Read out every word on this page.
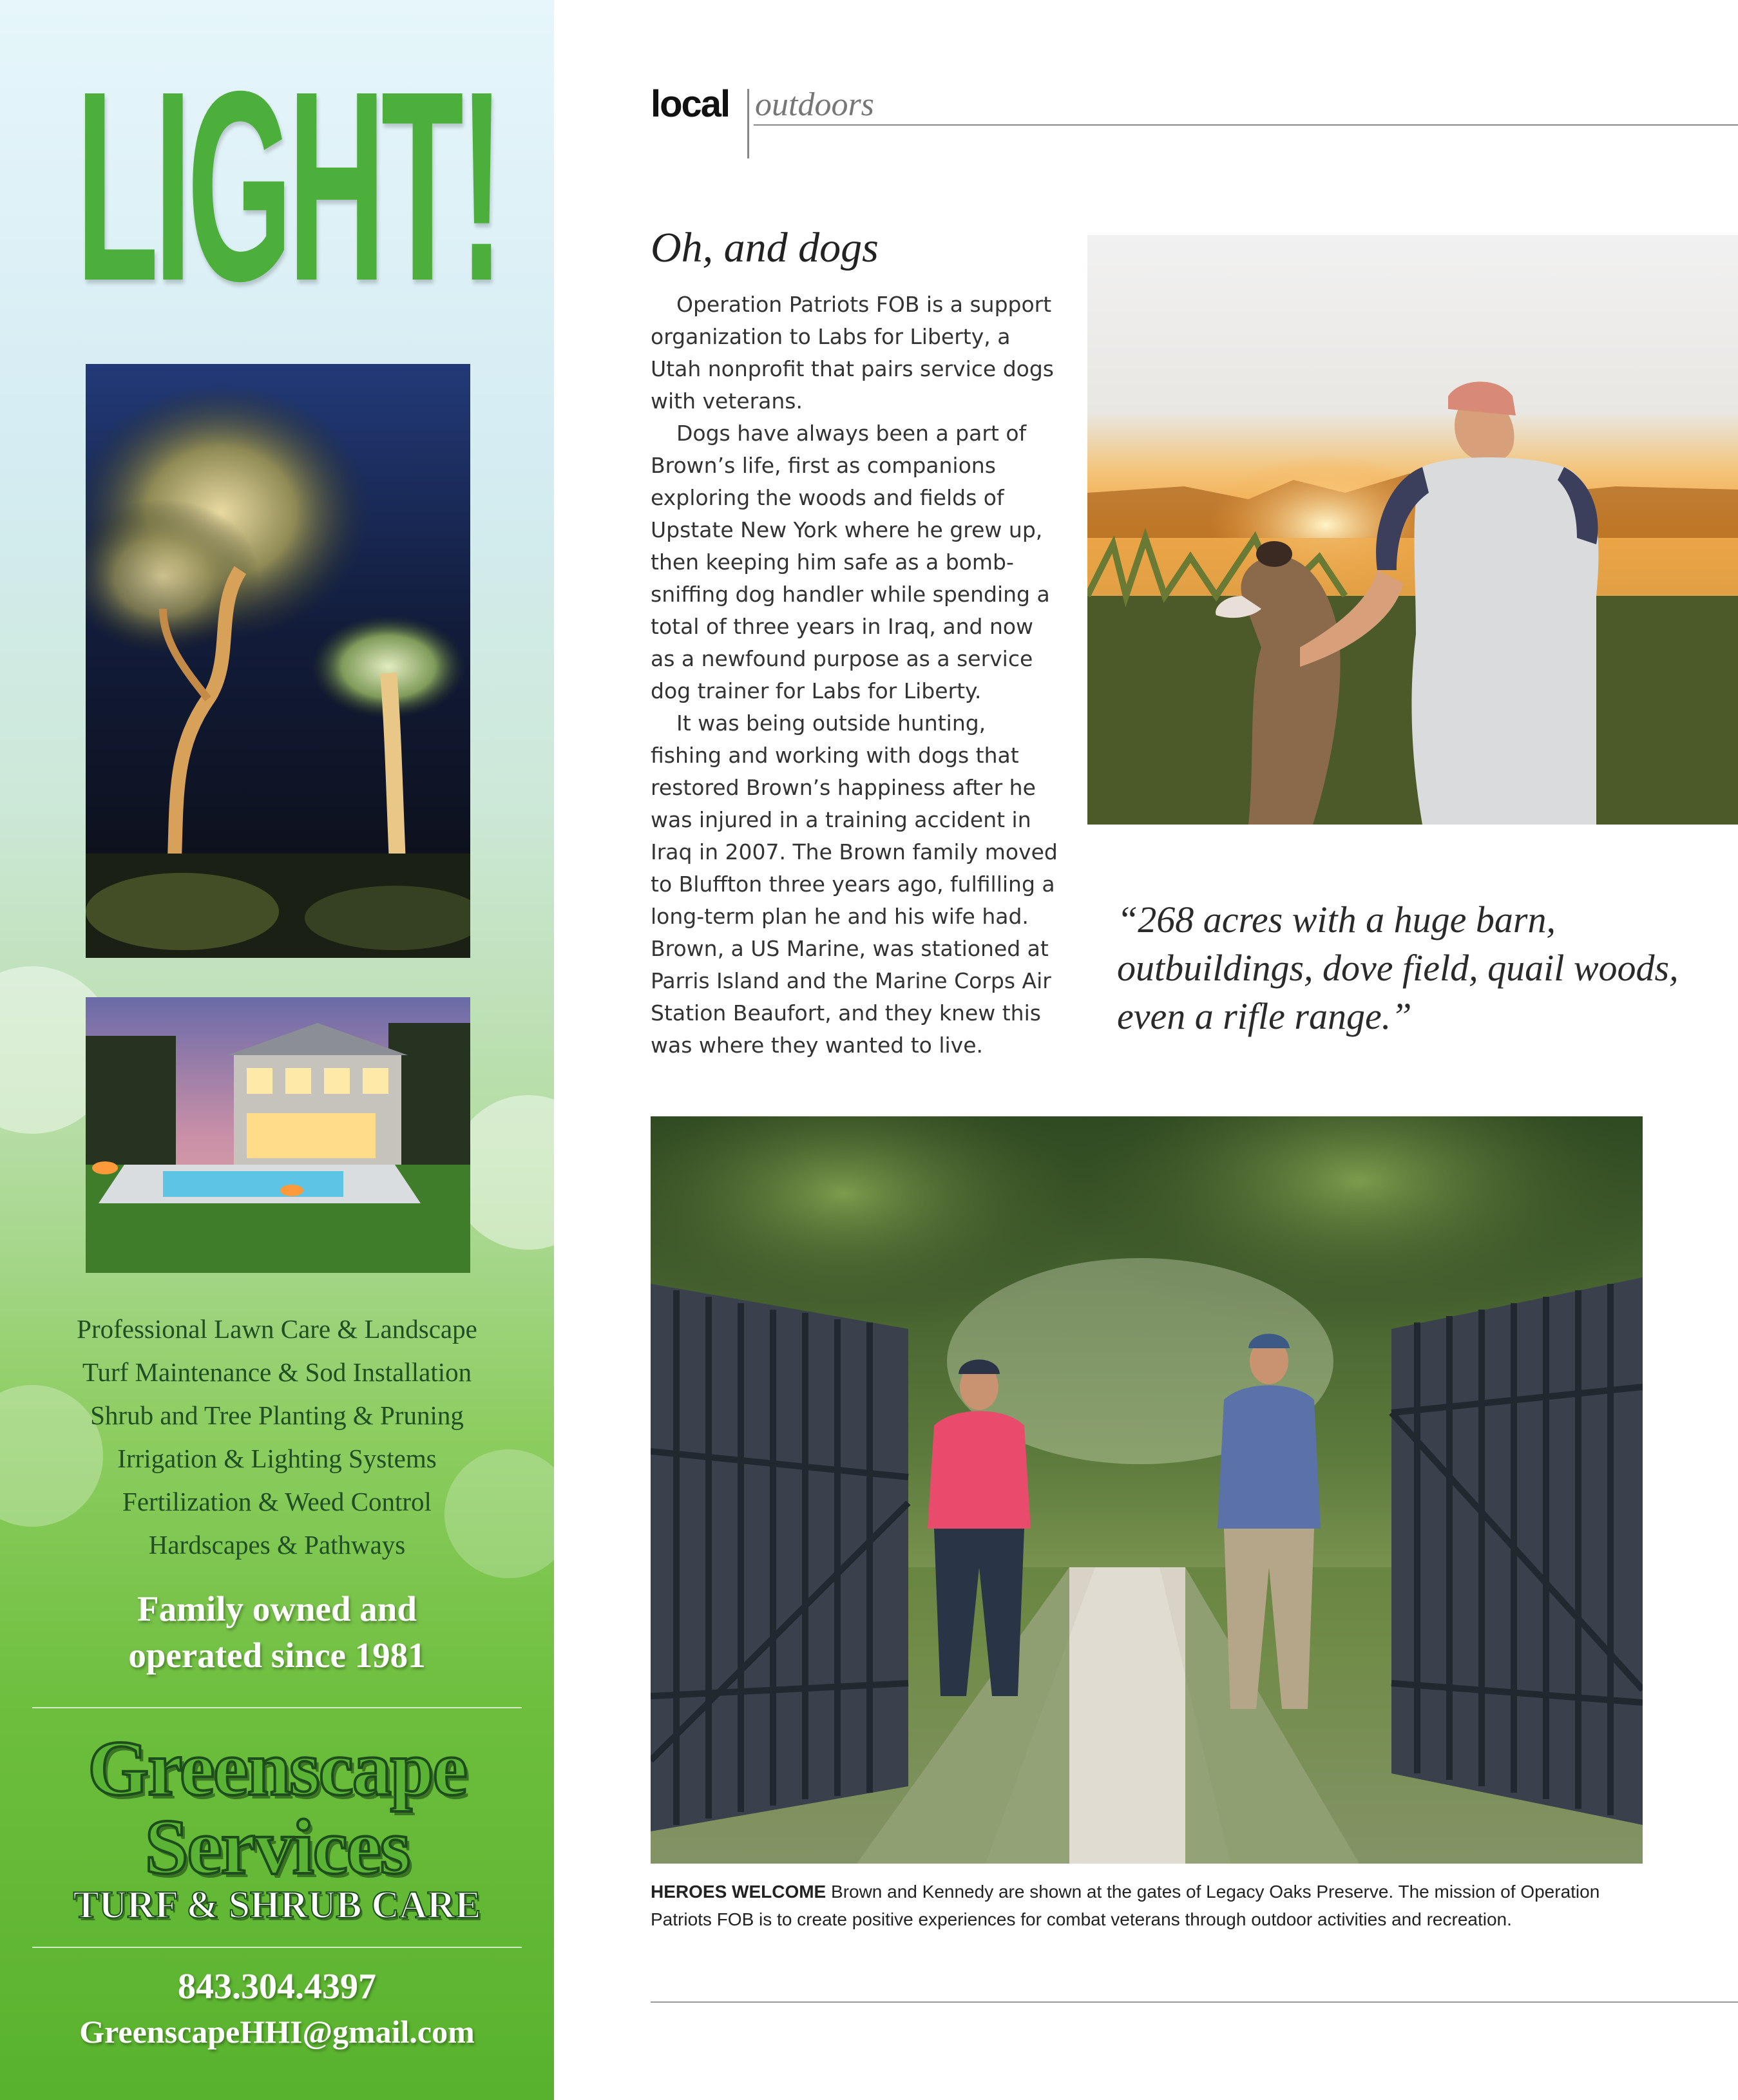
LIGHT!
Professional Lawn Care & Landscape
Turf Maintenance & Sod Installation
Shrub and Tree Planting & Pruning
Irrigation & Lighting Systems
Fertilization & Weed Control
Hardscapes & Pathways
Family owned and
operated since 1981
Greenscape
Services
TURF & SHRUB CARE
843.304.4397
GreenscapeHHI@gmail.com
local outdoors
Oh, and dogs

Operation Patriots FOB is a support organization to Labs for Liberty, a Utah nonprofit that pairs service dogs with veterans.

Dogs have always been a part of Brown’s life, first as companions exploring the woods and fields of Upstate New York where he grew up, then keeping him safe as a bomb-sniffing dog handler while spending a total of three years in Iraq, and now as a newfound purpose as a service dog trainer for Labs for Liberty.

It was being outside hunting, fishing and working with dogs that restored Brown’s happiness after he was injured in a training accident in Iraq in 2007. The Brown family moved to Bluffton three years ago, fulfilling a long-term plan he and his wife had. Brown, a US Marine, was stationed at Parris Island and the Marine Corps Air Station Beaufort, and they knew this was where they wanted to live.

“268 acres with a huge barn, outbuildings, dove field, quail woods, even a rifle range.”

HEROES WELCOME Brown and Kennedy are shown at the gates of Legacy Oaks Preserve. The mission of Operation Patriots FOB is to create positive experiences for combat veterans through outdoor activities and recreation.
